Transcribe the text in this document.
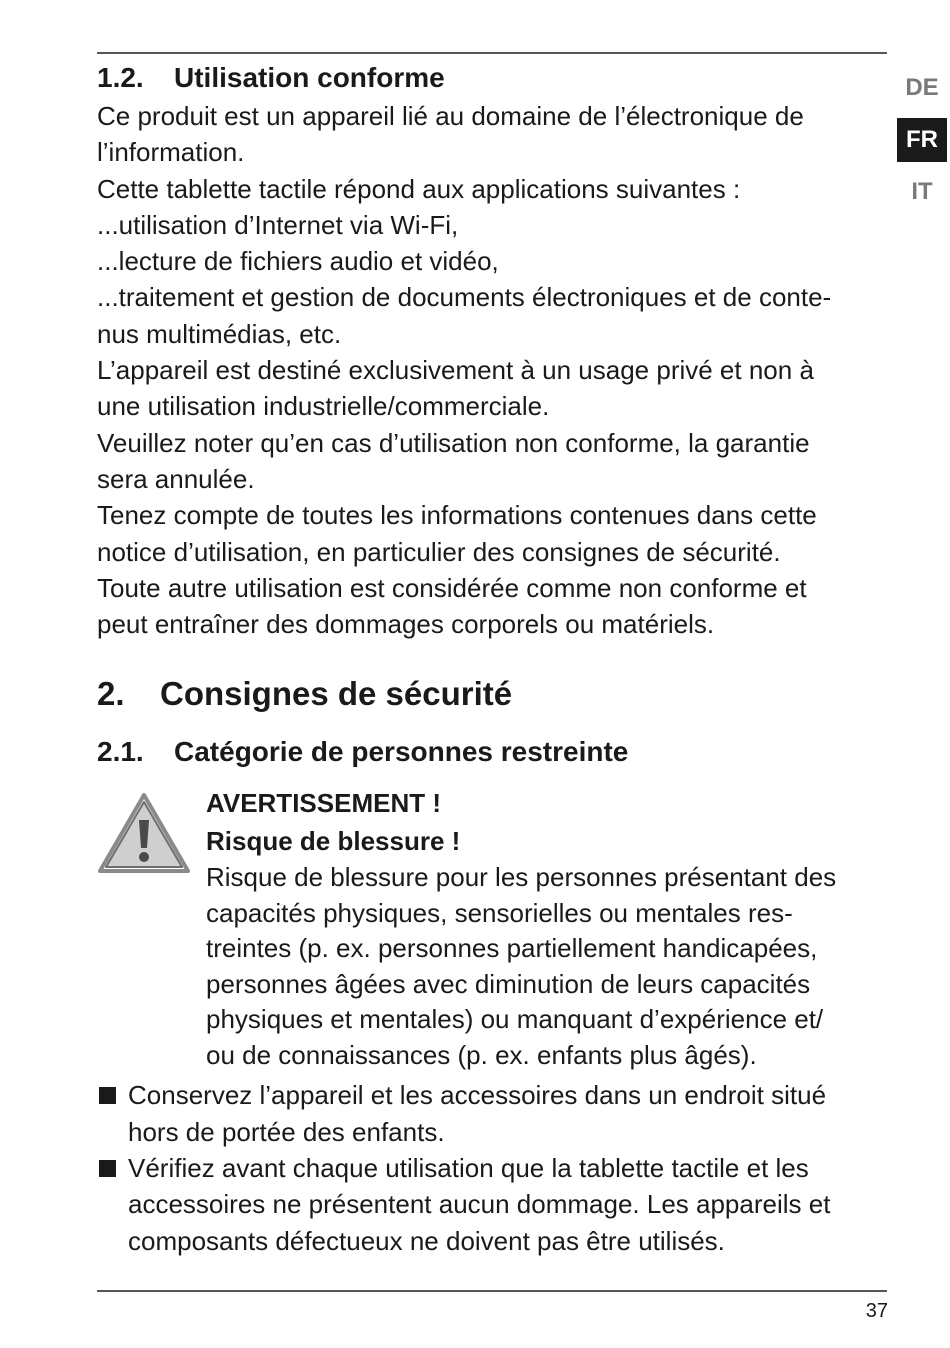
DE
FR
IT
1.2. Utilisation conforme

Ce produit est un appareil lié au domaine de l’électronique de

l’information.

Cette tablette tactile répond aux applications suivantes :

...utilisation d’Internet via Wi-Fi,

...lecture de fichiers audio et vidéo,

...traitement et gestion de documents électroniques et de conte-

nus multimédias, etc.

L’appareil est destiné exclusivement à un usage privé et non à

une utilisation industrielle/commerciale.

Veuillez noter qu’en cas d’utilisation non conforme, la garantie

sera annulée.

Tenez compte de toutes les informations contenues dans cette

notice d’utilisation, en particulier des consignes de sécurité.

Toute autre utilisation est considérée comme non conforme et

peut entraîner des dommages corporels ou matériels.

2. Consignes de sécurité
2.1. Catégorie de personnes restreinte

AVERTISSEMENT !

Risque de blessure !

Risque de blessure pour les personnes présentant des

capacités physiques, sensorielles ou mentales res-

treintes (p. ex. personnes partiellement handicapées,

personnes âgées avec diminution de leurs capacités

physiques et mentales) ou manquant d’expérience et/

ou de connaissances (p. ex. enfants plus âgés).

Conservez l’appareil et les accessoires dans un endroit situé

hors de portée des enfants.

Vérifiez avant chaque utilisation que la tablette tactile et les

accessoires ne présentent aucun dommage. Les appareils et

composants défectueux ne doivent pas être utilisés.

37
